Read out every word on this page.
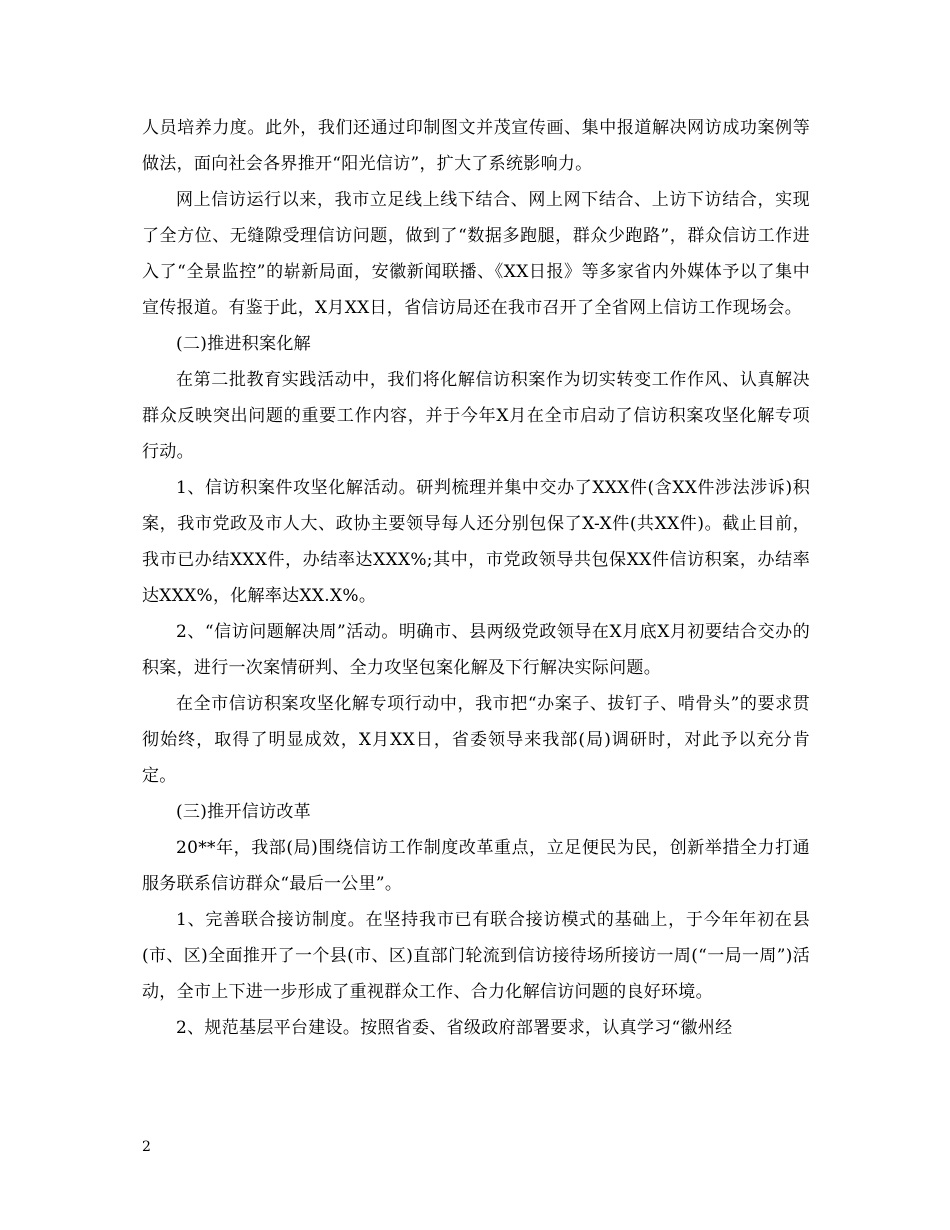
人员培养力度。此外，我们还通过印制图文并茂宣传画、集中报道解决网访成功案例等做法，面向社会各界推开“阳光信访”，扩大了系统影响力。

网上信访运行以来，我市立足线上线下结合、网上网下结合、上访下访结合，实现了全方位、无缝隙受理信访问题，做到了“数据多跑腿，群众少跑路”，群众信访工作进入了“全景监控”的崭新局面，安徽新闻联播、《XX日报》等多家省内外媒体予以了集中宣传报道。有鉴于此，X月XX日，省信访局还在我市召开了全省网上信访工作现场会。

(二)推进积案化解

在第二批教育实践活动中，我们将化解信访积案作为切实转变工作作风、认真解决群众反映突出问题的重要工作内容，并于今年X月在全市启动了信访积案攻坚化解专项行动。

1、信访积案件攻坚化解活动。研判梳理并集中交办了XXX件(含XX件涉法涉诉)积案，我市党政及市人大、政协主要领导每人还分别包保了X-X件(共XX件)。截止目前，我市已办结XXX件，办结率达XXX%;其中，市党政领导共包保XX件信访积案，办结率达XXX%，化解率达XX.X%。

2、“信访问题解决周”活动。明确市、县两级党政领导在X月底X月初要结合交办的积案，进行一次案情研判、全力攻坚包案化解及下行解决实际问题。

在全市信访积案攻坚化解专项行动中，我市把“办案子、拔钉子、啃骨头”的要求贯彻始终，取得了明显成效，X月XX日，省委领导来我部(局)调研时，对此予以充分肯定。

(三)推开信访改革

20**年，我部(局)围绕信访工作制度改革重点，立足便民为民，创新举措全力打通服务联系信访群众“最后一公里”。

1、完善联合接访制度。在坚持我市已有联合接访模式的基础上，于今年年初在县(市、区)全面推开了一个县(市、区)直部门轮流到信访接待场所接访一周(“一局一周”)活动，全市上下进一步形成了重视群众工作、合力化解信访问题的良好环境。

2、规范基层平台建设。按照省委、省级政府部署要求，认真学习“徽州经

2
